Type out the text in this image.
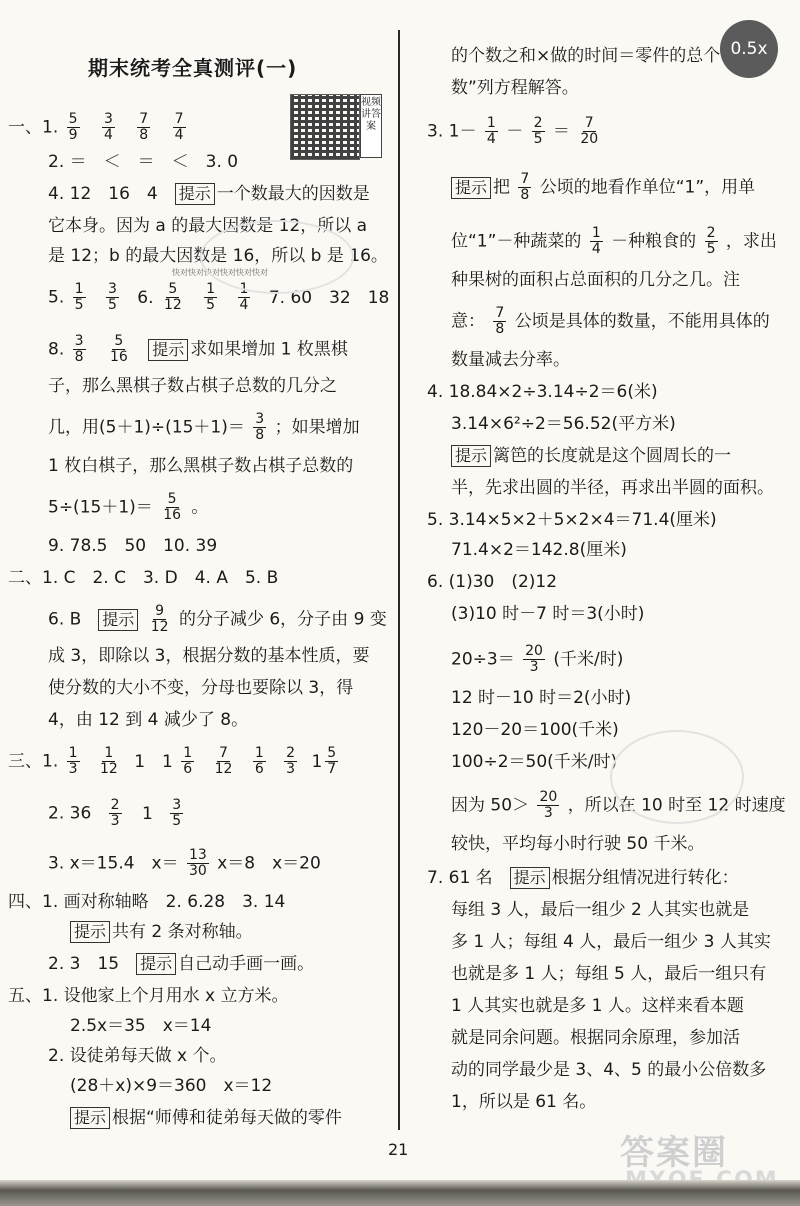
0.5x
期末统考全真测评(一)
视频讲答案
一、1. $\frac{5}{9}$
$\frac{3}{4}$
$\frac{7}{8}$
$\frac{7}{4}$
2. ＝　＜　＝　＜　3. 0
4. 12　16　4　提示 一个数最大的因数是
它本身。因为 a 的最大因数是 12，所以 a
是 12；b 的最大因数是 16，所以 b 是 16。
快对快对快对快对快对快对
5. $\frac{1}{5}$
$\frac{3}{5} 6$. $\frac{5}{12}$
$\frac{1}{5}$
$\frac{1}{4} 7$. 60　32　18
8. $\frac{3}{8}$
$\frac{5}{16}$ 提示 求如果增加 1 枚黑棋
子，那么黑棋子数占棋子总数的几分之
几，用$(5+1)\div(15+1)= \frac{3}{8}$ ；如果增加
1 枚白棋子，那么黑棋子数占棋子总数的
$5\div(15+1)= \frac{5}{16}$ 。
9. 78.5　50　10. 39
二、1. C　2. C　3. D　4. A　5. B
6. B　提示 $\frac{9}{12}$ 的分子减少 6，分子由 9 变
成 3，即除以 3，根据分数的基本性质，要
使分数的大小不变，分母也要除以 3，得
4，由 12 到 4 减少了 8。
三、1. $\frac{1}{3}$
$\frac{1}{12} 1$　$1 \frac{1}{6}$
$\frac{7}{12}$
$\frac{1}{6}$
$\frac{2}{3} 1 \frac{5}{7}$
2. $36 \frac{2}{3} 1 \frac{3}{5}$
3. x＝15.4　$x= \frac{13}{30} x=8$　x＝20
四、1. 画对称轴略　2. 6.28　3. 14
提示 共有 2 条对称轴。
2. 3　15　提示 自己动手画一画。
五、1. 设他家上个月用水 x 立方米。
2.5x＝35　x＝14
2. 设徒弟每天做 x 个。
(28＋x)×9＝360　x＝12
提示 根据“师傅和徒弟每天做的零件
的个数之和×做的时间＝零件的总个
数”列方程解答。
3. $1- \frac{1}{4} - \frac{2}{5} = \frac{7}{20}$
提示 把 $\frac{7}{8}$ 公顷的地看作单位“1”，用单
位“1”－种蔬菜的 $\frac{1}{4}$ －种粮食的 $\frac{2}{5}$ ，求出
种果树的面积占总面积的几分之几。注
意： $\frac{7}{8}$ 公顷是具体的数量，不能用具体的
数量减去分率。
4. 18.84×2÷3.14÷2＝6(米)
3.14×6²÷2＝56.52(平方米)
提示 篱笆的长度就是这个圆周长的一
半，先求出圆的半径，再求出半圆的面积。
5. 3.14×5×2＋5×2×4＝71.4(厘米)
71.4×2＝142.8(厘米)
6. (1)30　(2)12
(3)10 时－7 时＝3(小时)
$20\div 3= \frac{20}{3}$ (千米/时)
12 时－10 时＝2(小时)
120－20＝100(千米)
100÷2＝50(千米/时)
因为 $50> \frac{20}{3}$ ，所以在 10 时至 12 时速度
较快，平均每小时行驶 50 千米。
7. 61 名　提示 根据分组情况进行转化：
每组 3 人，最后一组少 2 人其实也就是
多 1 人；每组 4 人，最后一组少 3 人其实
也就是多 1 人；每组 5 人，最后一组只有
1 人其实也就是多 1 人。这样来看本题
就是同余问题。根据同余原理，参加活
动的同学最少是 3、4、5 的最小公倍数多
1，所以是 61 名。
21	答案圈
